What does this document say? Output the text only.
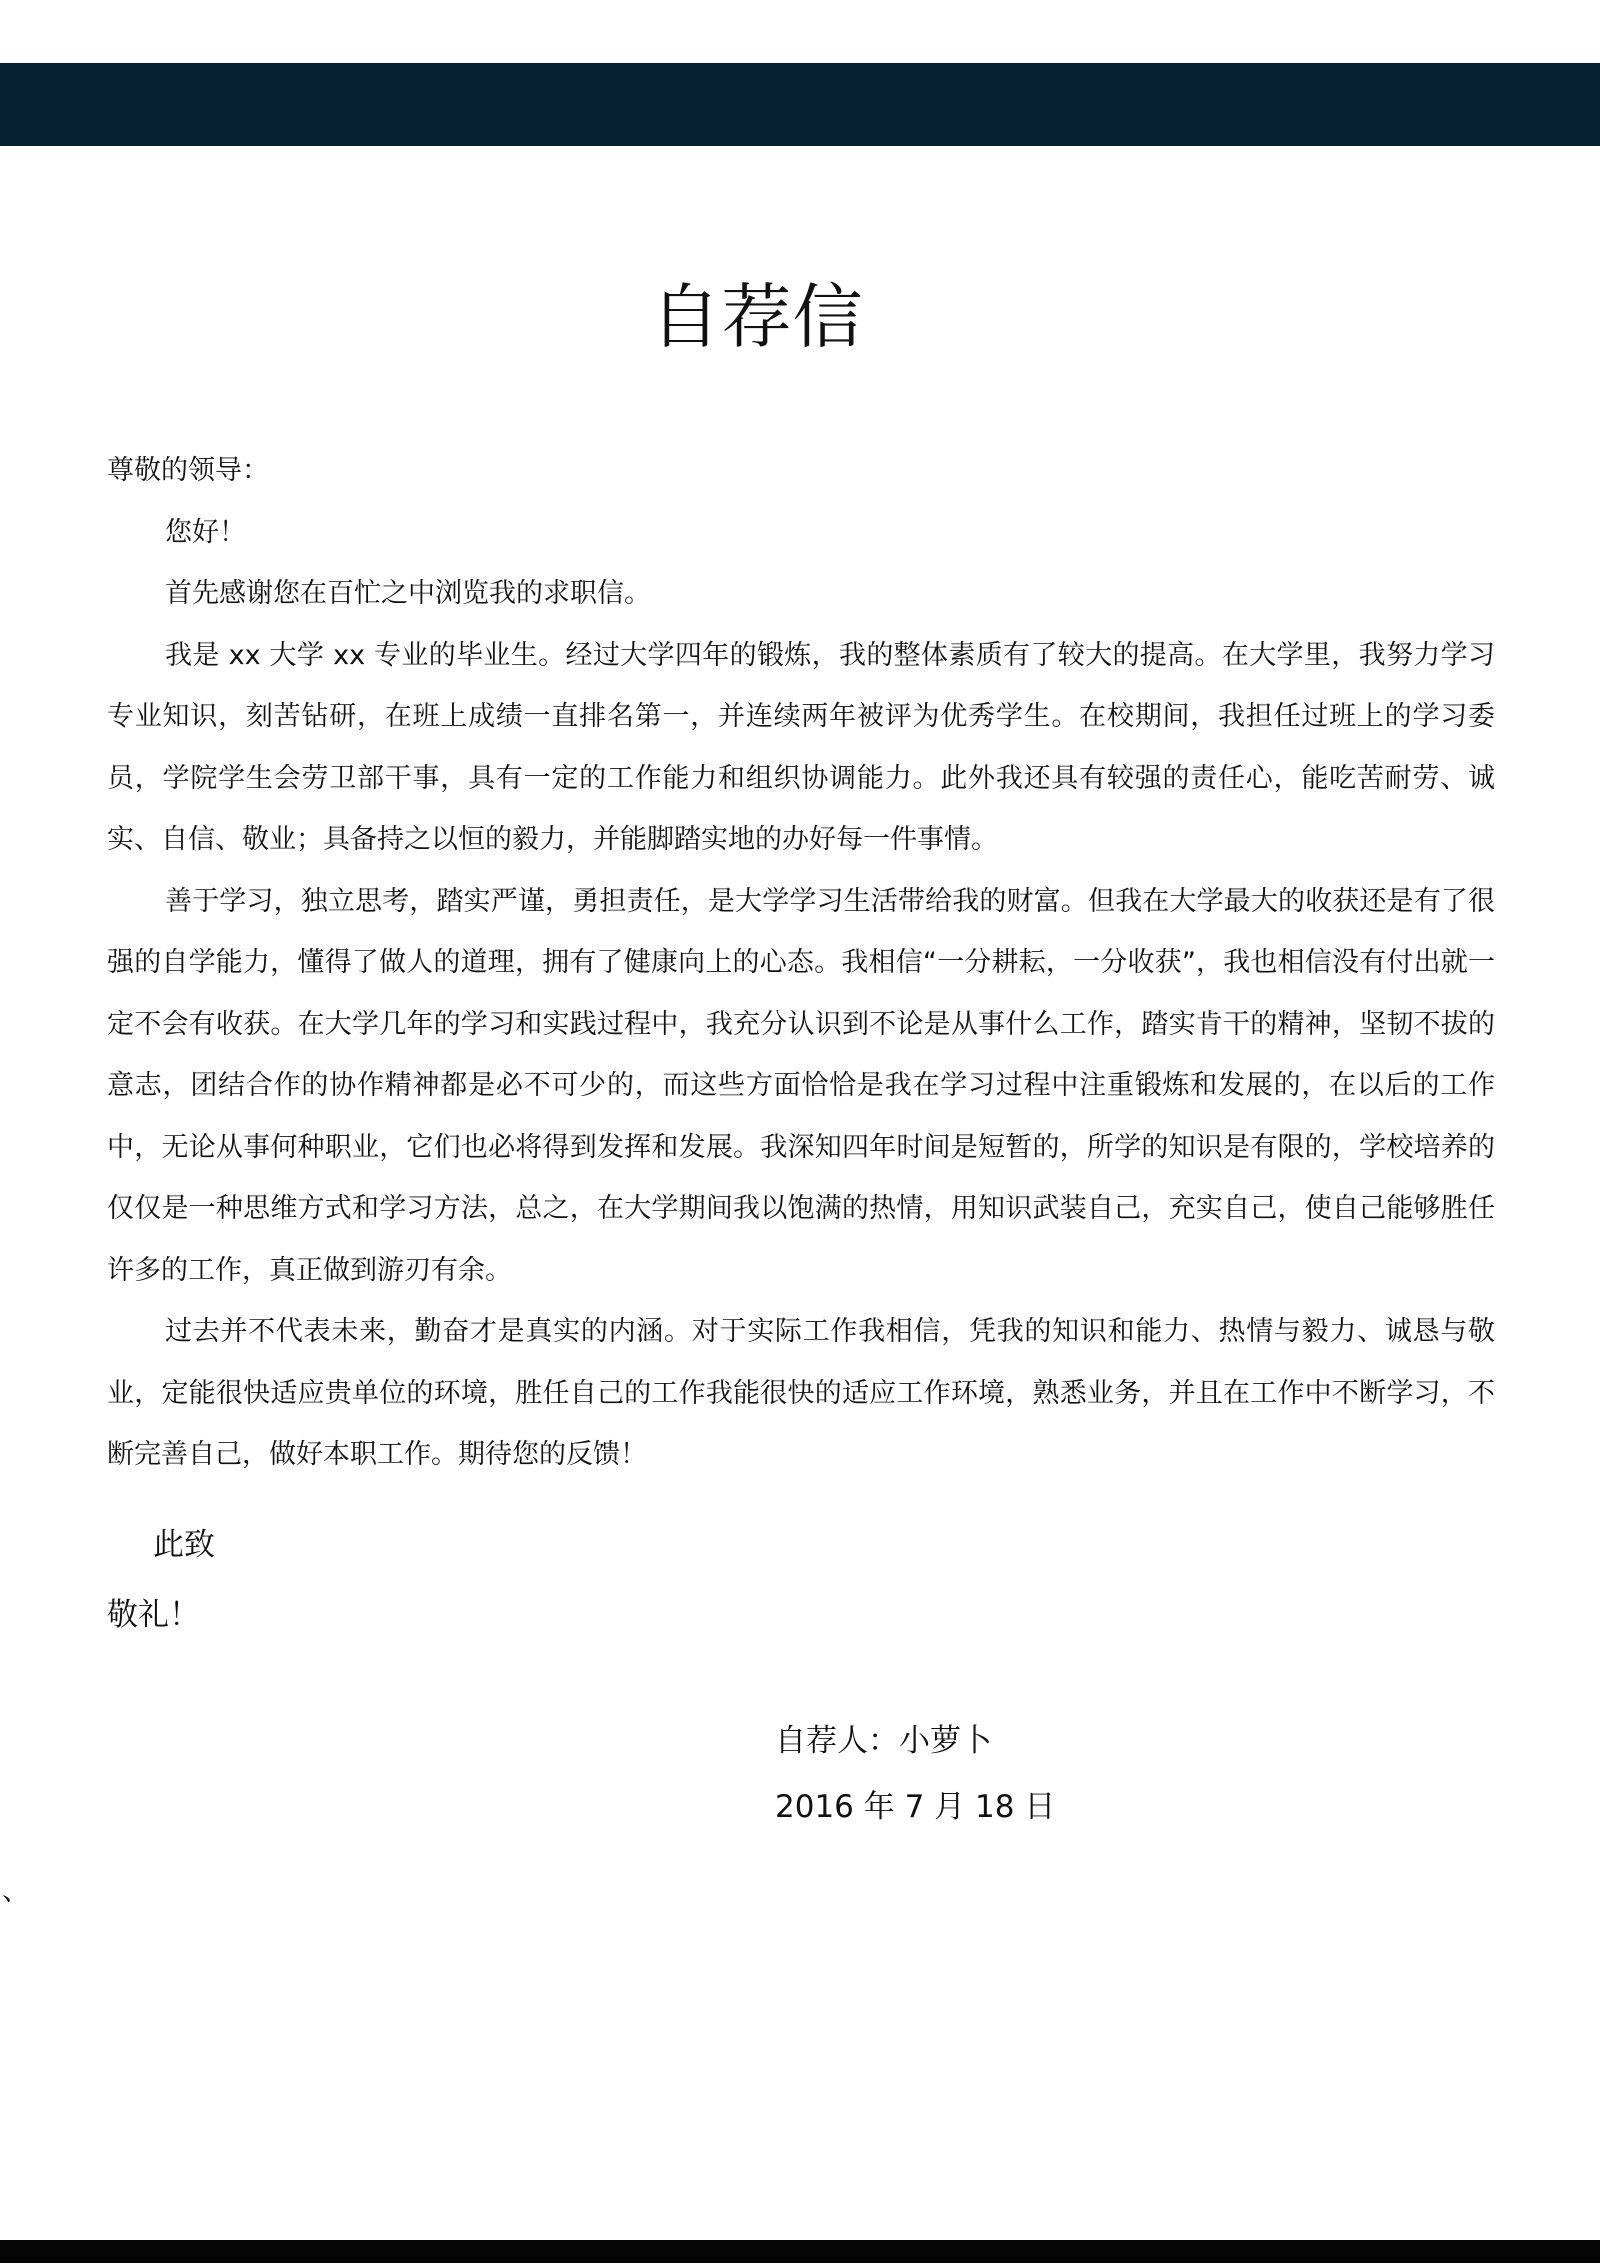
自荐信

尊敬的领导：

您好！

首先感谢您在百忙之中浏览我的求职信。

我是 xx 大学 xx 专业的毕业生。经过大学四年的锻炼，我的整体素质有了较大的提高。在大学里，我努力学习专业知识，刻苦钻研，在班上成绩一直排名第一，并连续两年被评为优秀学生。在校期间，我担任过班上的学习委员，学院学生会劳卫部干事，具有一定的工作能力和组织协调能力。此外我还具有较强的责任心，能吃苦耐劳、诚实、自信、敬业；具备持之以恒的毅力，并能脚踏实地的办好每一件事情。

善于学习，独立思考，踏实严谨，勇担责任，是大学学习生活带给我的财富。但我在大学最大的收获还是有了很强的自学能力，懂得了做人的道理，拥有了健康向上的心态。我相信“一分耕耘，一分收获”，我也相信没有付出就一定不会有收获。在大学几年的学习和实践过程中，我充分认识到不论是从事什么工作，踏实肯干的精神，坚韧不拔的意志，团结合作的协作精神都是必不可少的，而这些方面恰恰是我在学习过程中注重锻炼和发展的，在以后的工作中，无论从事何种职业，它们也必将得到发挥和发展。我深知四年时间是短暂的，所学的知识是有限的，学校培养的仅仅是一种思维方式和学习方法，总之，在大学期间我以饱满的热情，用知识武装自己，充实自己，使自己能够胜任许多的工作，真正做到游刃有余。

过去并不代表未来，勤奋才是真实的内涵。对于实际工作我相信，凭我的知识和能力、热情与毅力、诚恳与敬业，定能很快适应贵单位的环境，胜任自己的工作我能很快的适应工作环境，熟悉业务，并且在工作中不断学习，不断完善自己，做好本职工作。期待您的反馈！

此致
敬礼！
自荐人：小萝卜
2016 年 7 月 18 日
、
